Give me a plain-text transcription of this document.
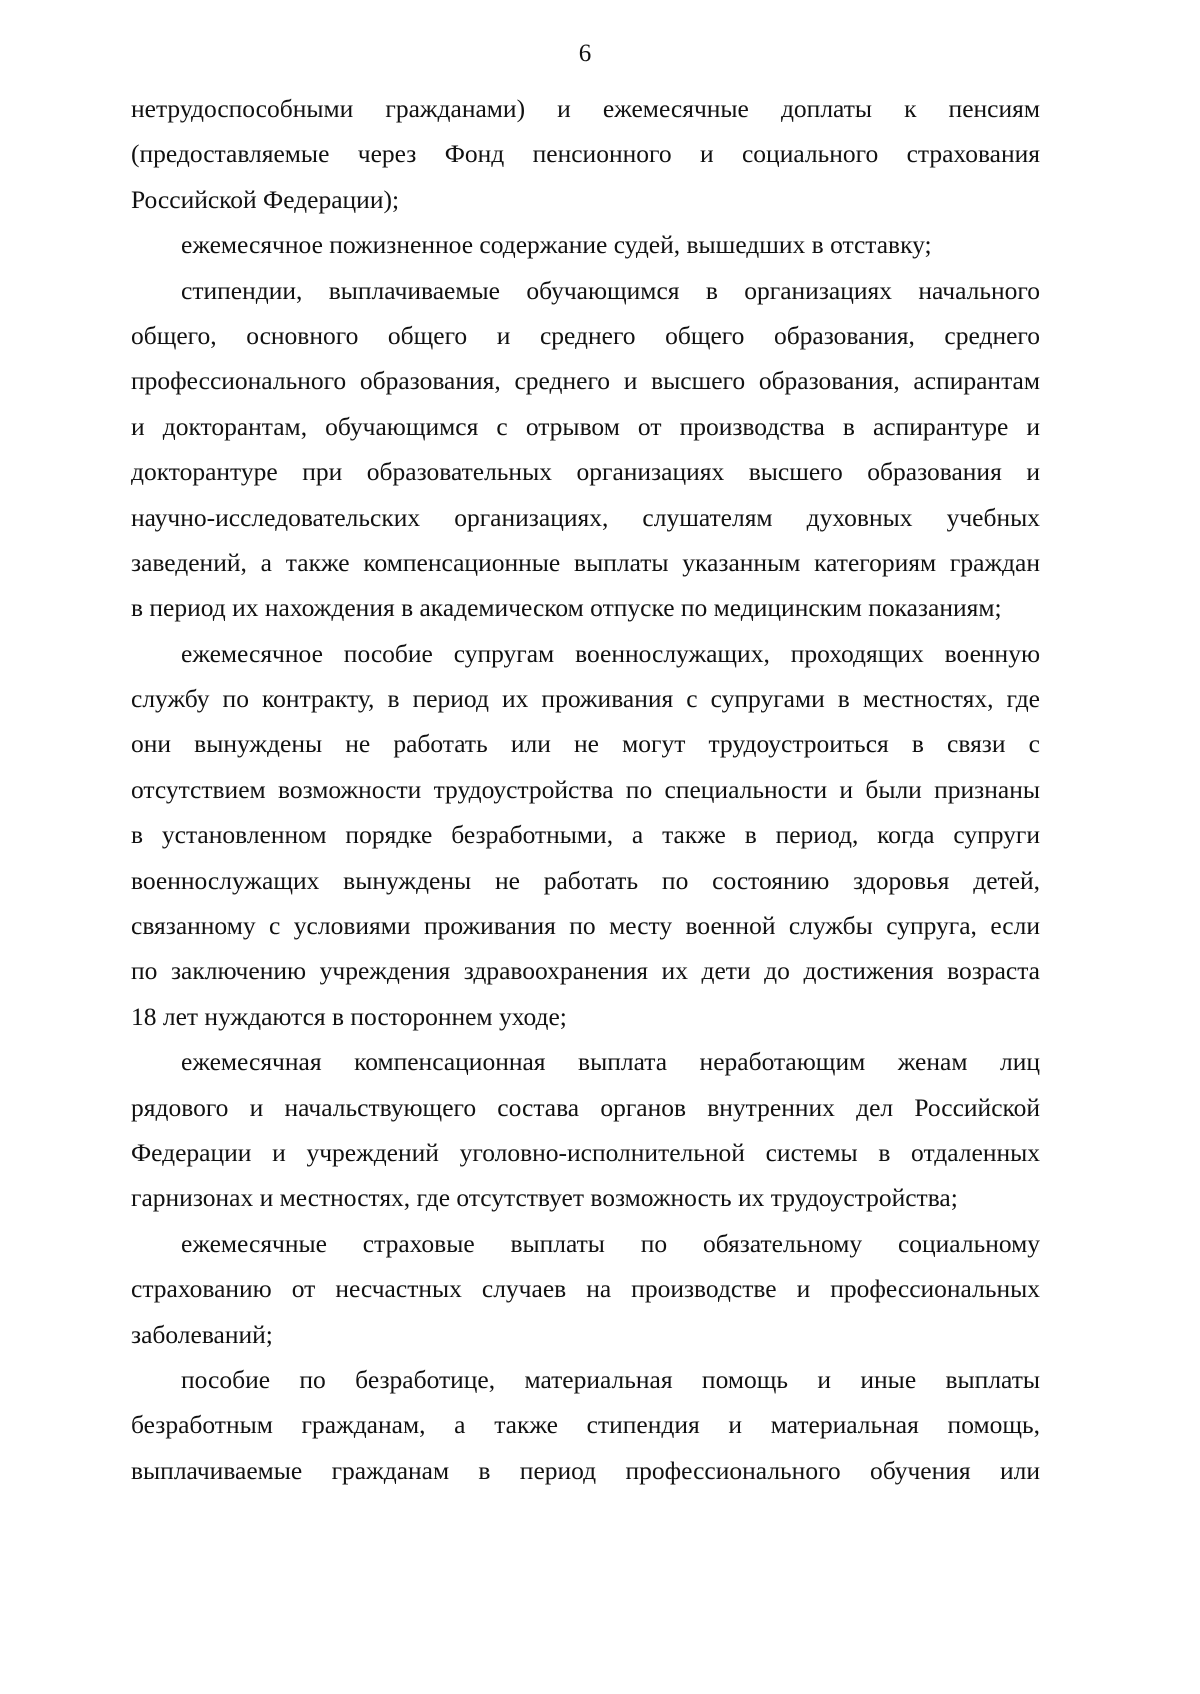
6
нетрудоспособными гражданами) и ежемесячные доплаты к пенсиям
(предоставляемые через Фонд пенсионного и социального страхования
Российской Федерации);
ежемесячное пожизненное содержание судей, вышедших в отставку;
стипендии, выплачиваемые обучающимся в организациях начального
общего, основного общего и среднего общего образования, среднего
профессионального образования, среднего и высшего образования, аспирантам
и докторантам, обучающимся с отрывом от производства в аспирантуре и
докторантуре при образовательных организациях высшего образования и
научно-исследовательских организациях, слушателям духовных учебных
заведений, а также компенсационные выплаты указанным категориям граждан
в период их нахождения в академическом отпуске по медицинским показаниям;
ежемесячное пособие супругам военнослужащих, проходящих военную
службу по контракту, в период их проживания с супругами в местностях, где
они вынуждены не работать или не могут трудоустроиться в связи с
отсутствием возможности трудоустройства по специальности и были признаны
в установленном порядке безработными, а также в период, когда супруги
военнослужащих вынуждены не работать по состоянию здоровья детей,
связанному с условиями проживания по месту военной службы супруга, если
по заключению учреждения здравоохранения их дети до достижения возраста
18 лет нуждаются в постороннем уходе;
ежемесячная компенсационная выплата неработающим женам лиц
рядового и начальствующего состава органов внутренних дел Российской
Федерации и учреждений уголовно-исполнительной системы в отдаленных
гарнизонах и местностях, где отсутствует возможность их трудоустройства;
ежемесячные страховые выплаты по обязательному социальному
страхованию от несчастных случаев на производстве и профессиональных
заболеваний;
пособие по безработице, материальная помощь и иные выплаты
безработным гражданам, а также стипендия и материальная помощь,
выплачиваемые гражданам в период профессионального обучения или
